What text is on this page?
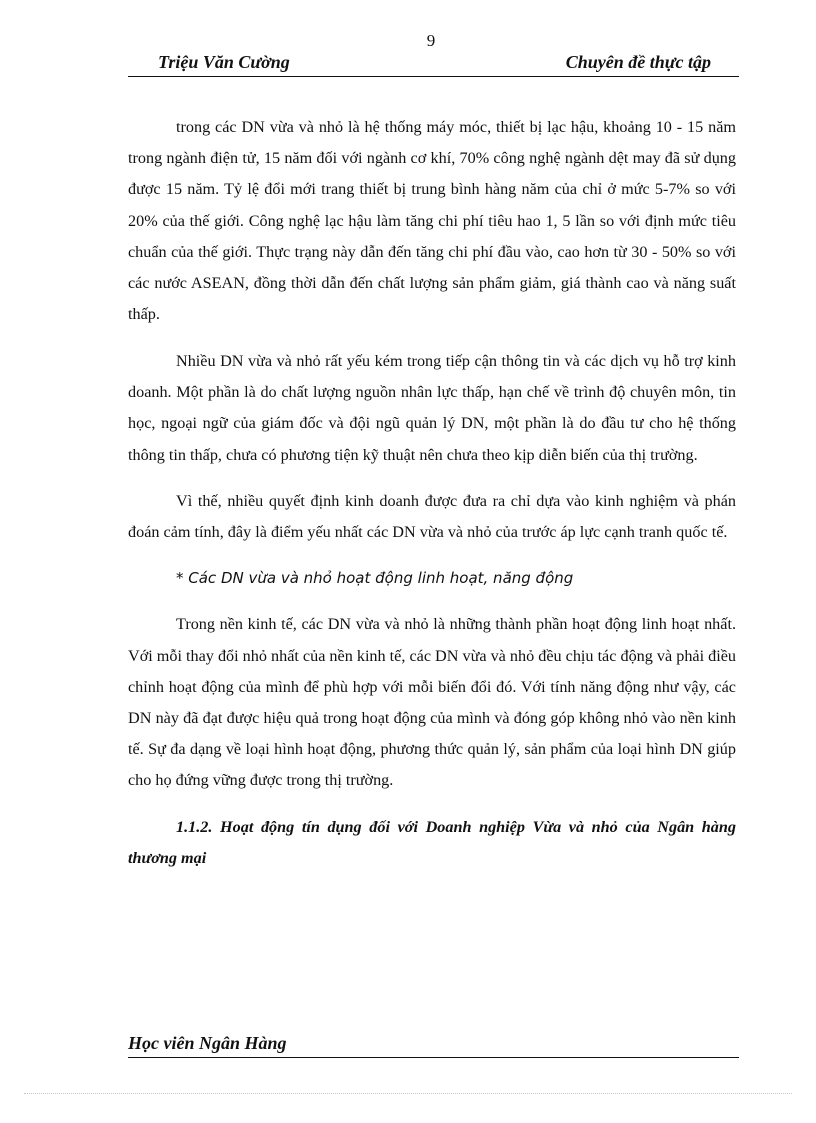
9
Triệu Văn Cường	Chuyên đề thực tập

trong các DN vừa và nhỏ là hệ thống máy móc, thiết bị lạc hậu, khoảng 10 - 15 năm trong ngành điện tử, 15 năm đối với ngành cơ khí, 70% công nghệ ngành dệt may đã sử dụng được 15 năm. Tỷ lệ đổi mới trang thiết bị trung bình hàng năm của chỉ ở mức 5-7% so với 20% của thế giới. Công nghệ lạc hậu làm tăng chi phí tiêu hao 1, 5 lần so với định mức tiêu chuẩn của thế giới. Thực trạng này dẫn đến tăng chi phí đầu vào, cao hơn từ 30 - 50% so với các nước ASEAN, đồng thời dẫn đến chất lượng sản phẩm giảm, giá thành cao và năng suất thấp.

Nhiều DN vừa và nhỏ rất yếu kém trong tiếp cận thông tin và các dịch vụ hỗ trợ kinh doanh. Một phần là do chất lượng nguồn nhân lực thấp, hạn chế về trình độ chuyên môn, tin học, ngoại ngữ của giám đốc và đội ngũ quản lý DN, một phần là do đầu tư cho hệ thống thông tin thấp, chưa có phương tiện kỹ thuật nên chưa theo kịp diễn biến của thị trường.

Vì thế, nhiều quyết định kinh doanh được đưa ra chỉ dựa vào kinh nghiệm và phán đoán cảm tính, đây là điểm yếu nhất các DN vừa và nhỏ của trước áp lực cạnh tranh quốc tế.

* Các DN vừa và nhỏ hoạt động linh hoạt, năng động

Trong nền kinh tế, các DN vừa và nhỏ là những thành phần hoạt động linh hoạt nhất. Với mỗi thay đổi nhỏ nhất của nền kinh tế, các DN vừa và nhỏ đều chịu tác động và phải điều chỉnh hoạt động của mình để phù hợp với mỗi biến đổi đó. Với tính năng động như vậy, các DN này đã đạt được hiệu quả trong hoạt động của mình và đóng góp không nhỏ vào nền kinh tế. Sự đa dạng về loại hình hoạt động, phương thức quản lý, sản phẩm của loại hình DN giúp cho họ đứng vững được trong thị trường.

1.1.2. Hoạt động tín dụng đối với Doanh nghiệp Vừa và nhỏ của Ngân hàng thương mại

Học viên Ngân Hàng
